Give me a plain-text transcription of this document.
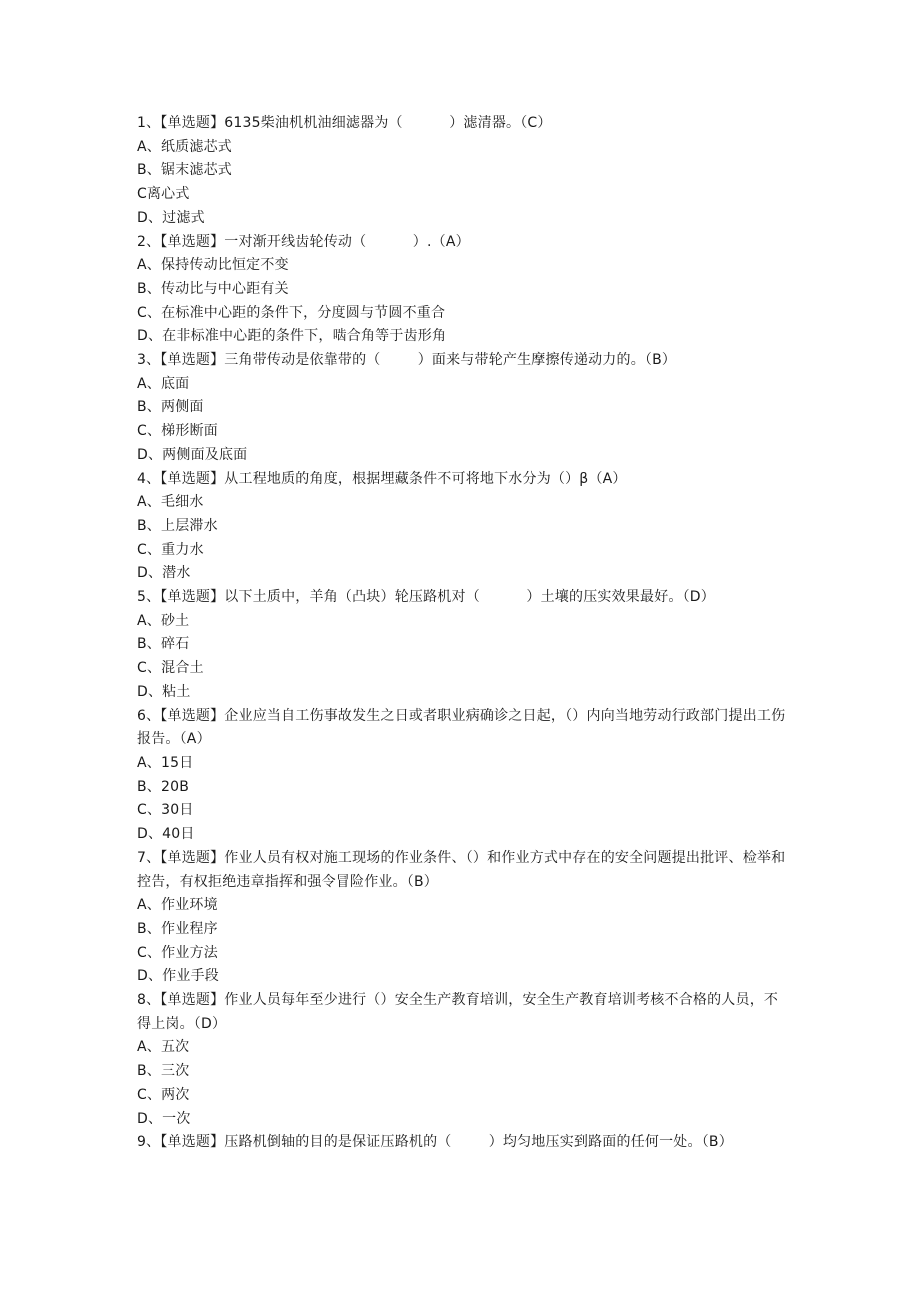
1、【单选题】6135柴油机机油细滤器为（          ）滤清器。（C）
A、纸质滤芯式
B、锯末滤芯式
C离心式
D、过滤式
2、【单选题】一对渐开线齿轮传动（          ）.（A）
A、保持传动比恒定不变
B、传动比与中心距有关
C、在标准中心距的条件下，分度圆与节圆不重合
D、在非标准中心距的条件下，啮合角等于齿形角
3、【单选题】三角带传动是依靠带的（        ）面来与带轮产生摩擦传递动力的。（B）
A、底面
B、两侧面
C、梯形断面
D、两侧面及底面
4、【单选题】从工程地质的角度，根据埋藏条件不可将地下水分为（）β（A）
A、毛细水
B、上层滞水
C、重力水
D、潜水
5、【单选题】以下土质中，羊角（凸块）轮压路机对（          ）土壤的压实效果最好。（D）
A、砂土
B、碎石
C、混合土
D、粘土
6、【单选题】企业应当自工伤事故发生之日或者职业病确诊之日起，（）内向当地劳动行政部门提出工伤报告。（A）
A、15日
B、20B
C、30日
D、40日
7、【单选题】作业人员有权对施工现场的作业条件、（）和作业方式中存在的安全问题提出批评、检举和控告，有权拒绝违章指挥和强令冒险作业。（B）
A、作业环境
B、作业程序
C、作业方法
D、作业手段
8、【单选题】作业人员每年至少进行（）安全生产教育培训，安全生产教育培训考核不合格的人员，不得上岗。（D）
A、五次
B、三次
C、两次
D、一次
9、【单选题】压路机倒轴的目的是保证压路机的（        ）均匀地压实到路面的任何一处。（B）
